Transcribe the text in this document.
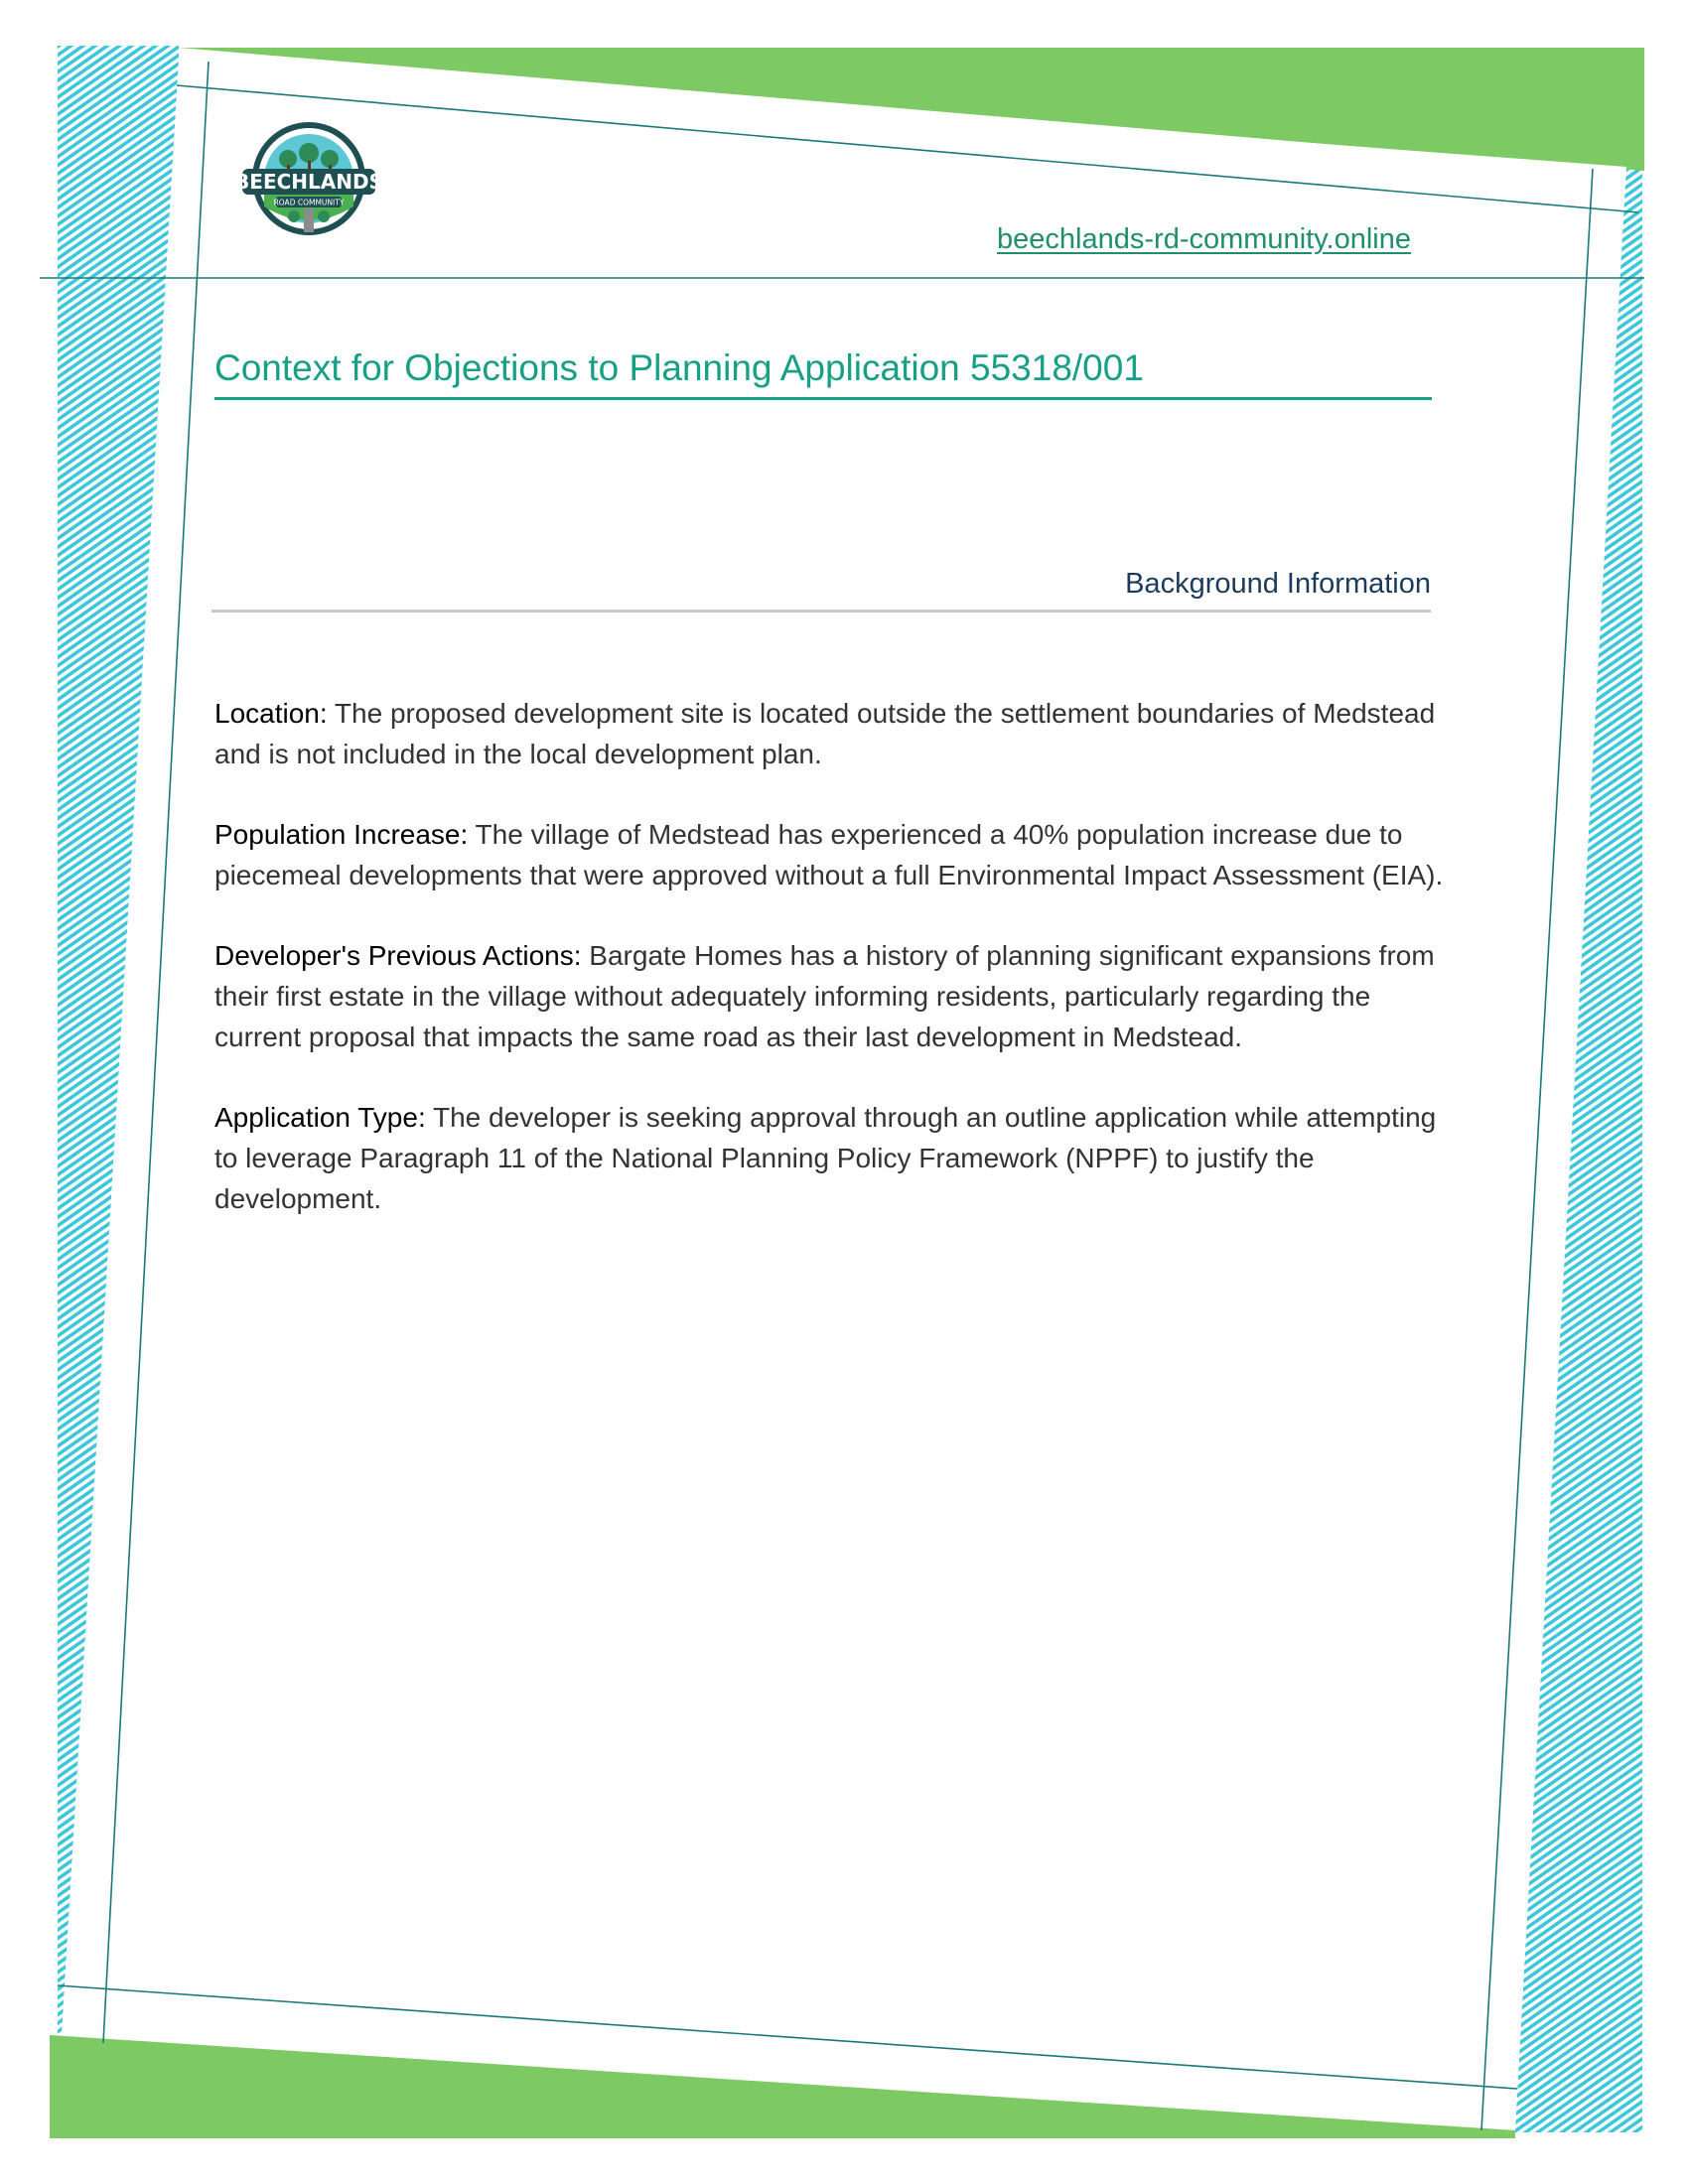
BEECHLANDS
ROAD COMMUNITY
beechlands-rd-community.online
Context for Objections to Planning Application 55318/001
Background Information

Location: The proposed development site is located outside the settlement boundaries of Medstead and is not included in the local development plan.

Population Increase: The village of Medstead has experienced a 40% population increase due to piecemeal developments that were approved without a full Environmental Impact Assessment (EIA).

Developer's Previous Actions: Bargate Homes has a history of planning significant expansions from their first estate in the village without adequately informing residents, particularly regarding the current proposal that impacts the same road as their last development in Medstead.

Application Type: The developer is seeking approval through an outline application while attempting to leverage Paragraph 11 of the National Planning Policy Framework (NPPF) to justify the development.
